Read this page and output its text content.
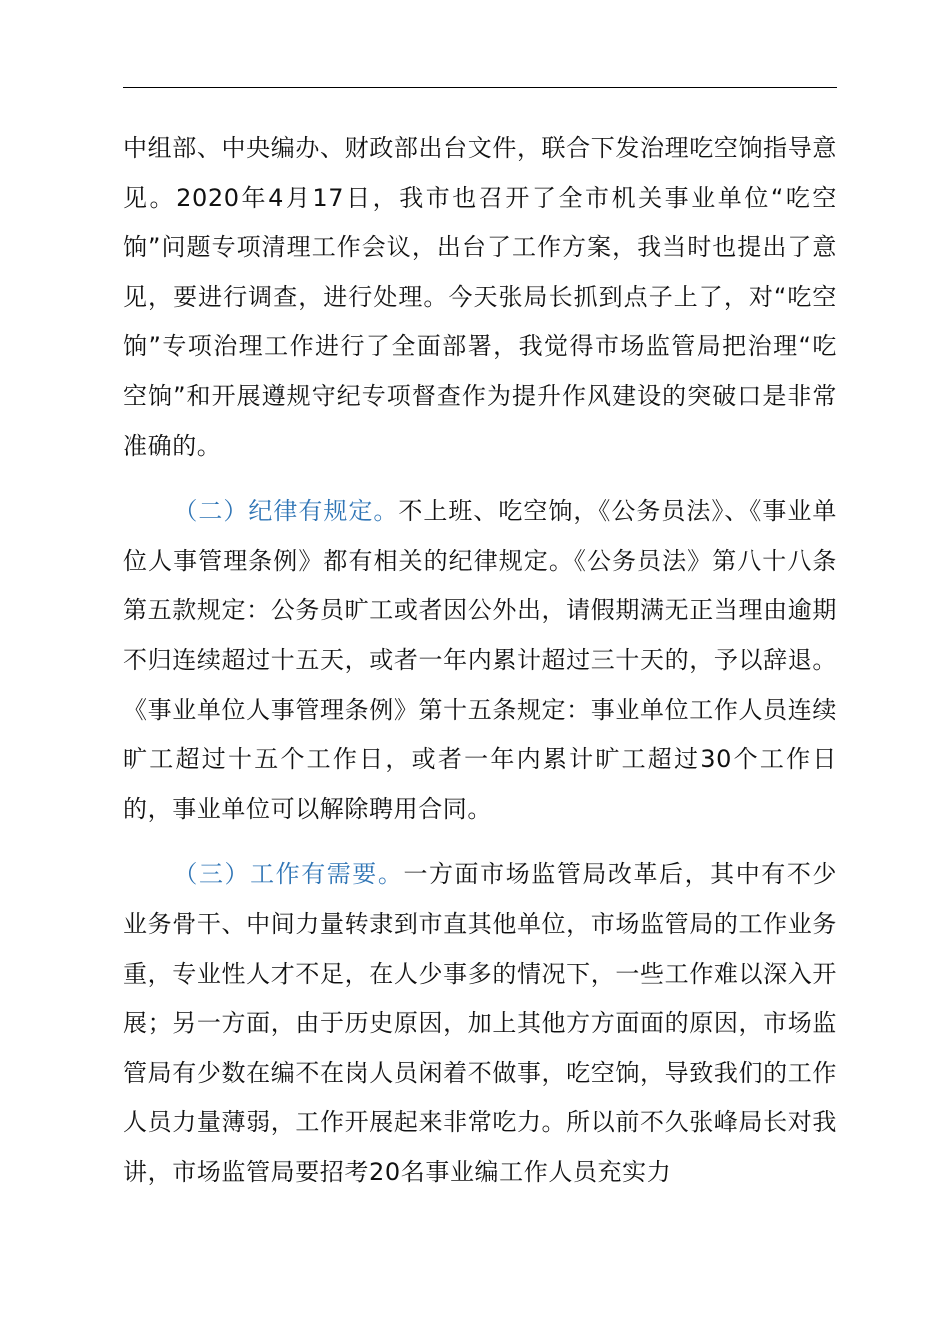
中组部、中央编办、财政部出台文件，联合下发治理吃空饷指导意见。2020年4月17日，我市也召开了全市机关事业单位“吃空饷”问题专项清理工作会议，出台了工作方案，我当时也提出了意见，要进行调查，进行处理。今天张局长抓到点子上了，对“吃空饷”专项治理工作进行了全面部署，我觉得市场监管局把治理“吃空饷”和开展遵规守纪专项督查作为提升作风建设的突破口是非常准确的。

（二）纪律有规定。不上班、吃空饷，《公务员法》、《事业单位人事管理条例》都有相关的纪律规定。《公务员法》第八十八条第五款规定：公务员旷工或者因公外出，请假期满无正当理由逾期不归连续超过十五天，或者一年内累计超过三十天的，予以辞退。《事业单位人事管理条例》第十五条规定：事业单位工作人员连续旷工超过十五个工作日，或者一年内累计旷工超过30个工作日的，事业单位可以解除聘用合同。

（三）工作有需要。一方面市场监管局改革后，其中有不少业务骨干、中间力量转隶到市直其他单位，市场监管局的工作业务重，专业性人才不足，在人少事多的情况下，一些工作难以深入开展；另一方面，由于历史原因，加上其他方方面面的原因，市场监管局有少数在编不在岗人员闲着不做事，吃空饷，导致我们的工作人员力量薄弱，工作开展起来非常吃力。所以前不久张峰局长对我讲，市场监管局要招考20名事业编工作人员充实力
